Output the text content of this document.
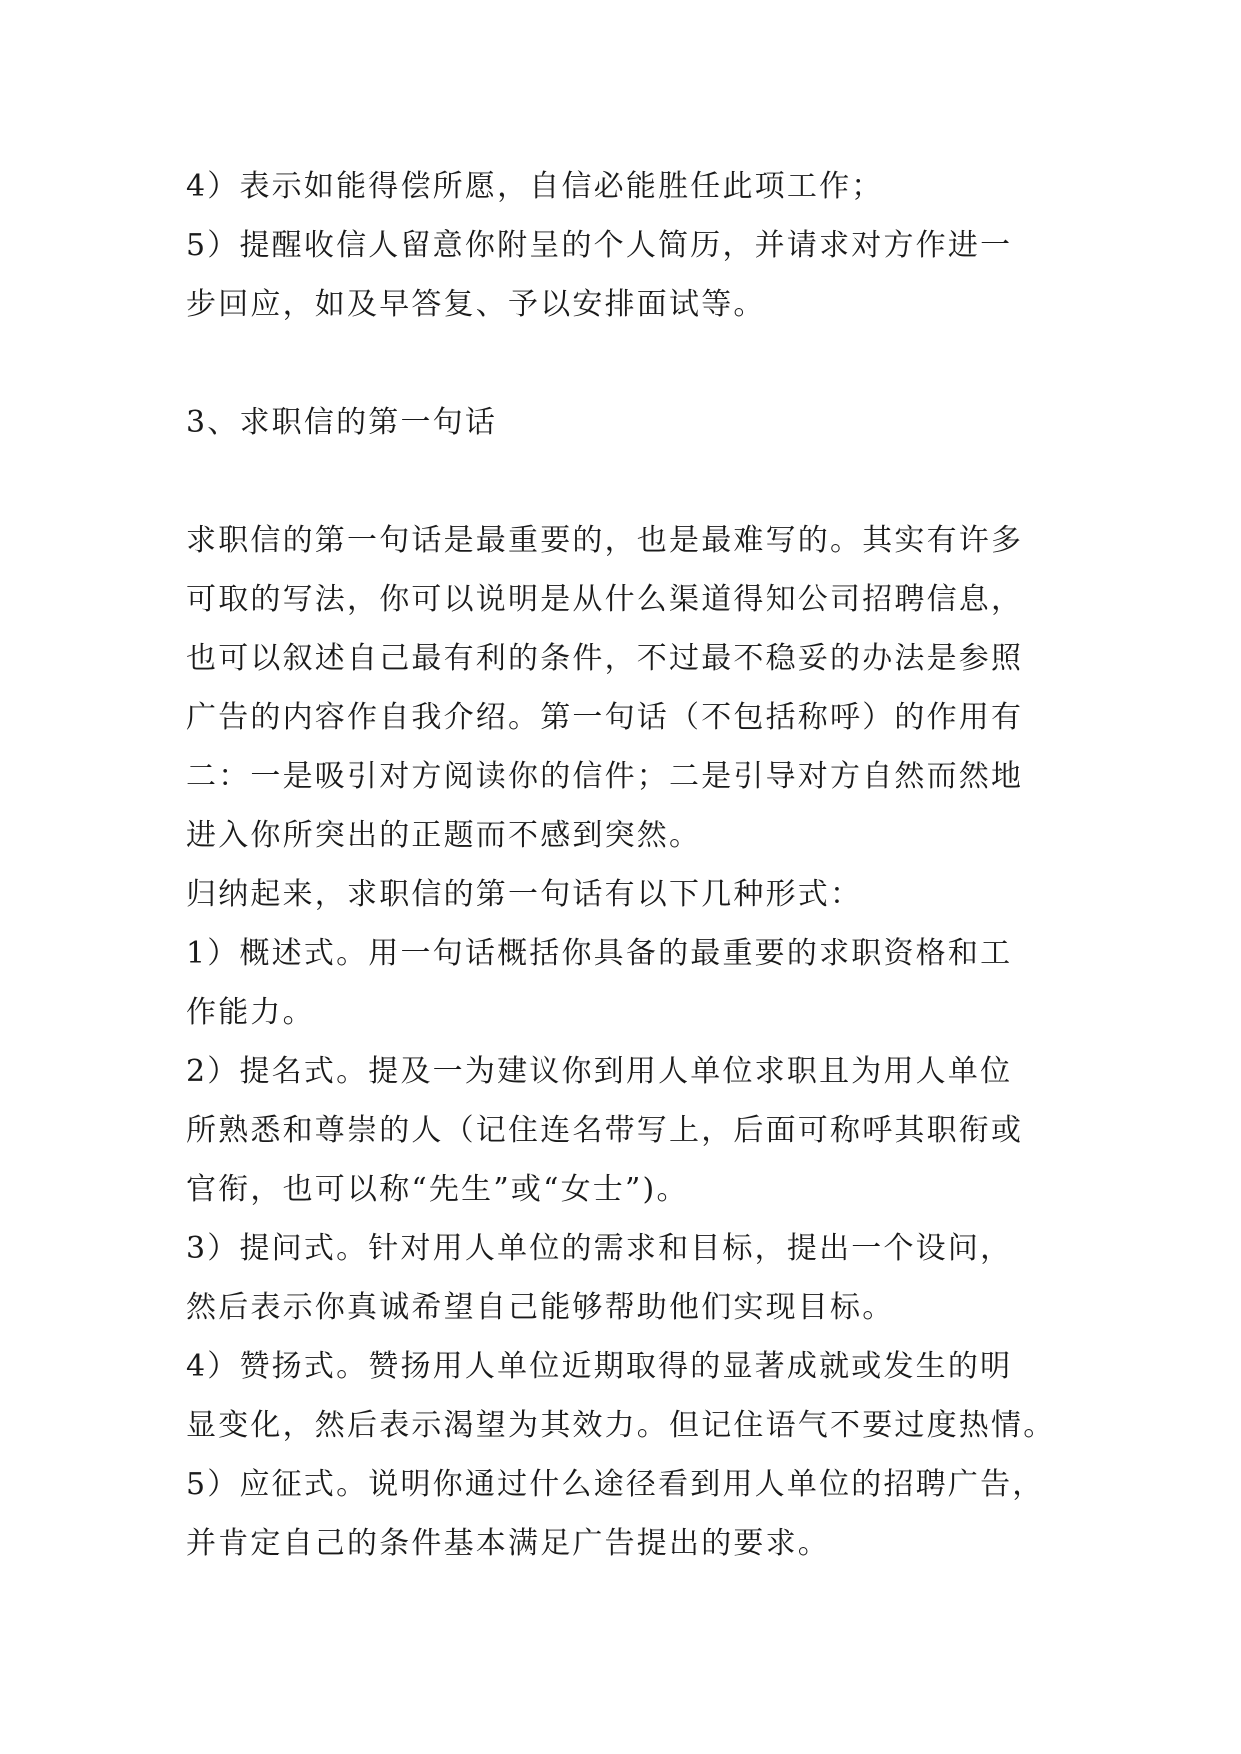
4）表示如能得偿所愿，自信必能胜任此项工作；
5）提醒收信人留意你附呈的个人简历，并请求对方作进一
步回应，如及早答复、予以安排面试等。
3、求职信的第一句话
求职信的第一句话是最重要的，也是最难写的。其实有许多
可取的写法，你可以说明是从什么渠道得知公司招聘信息，
也可以叙述自己最有利的条件，不过最不稳妥的办法是参照
广告的内容作自我介绍。第一句话（不包括称呼）的作用有
二：一是吸引对方阅读你的信件；二是引导对方自然而然地
进入你所突出的正题而不感到突然。
归纳起来，求职信的第一句话有以下几种形式：
1）概述式。用一句话概括你具备的最重要的求职资格和工
作能力。
2）提名式。提及一为建议你到用人单位求职且为用人单位
所熟悉和尊崇的人（记住连名带写上，后面可称呼其职衔或
官衔，也可以称“先生”或“女士”)。
3）提问式。针对用人单位的需求和目标，提出一个设问，
然后表示你真诚希望自己能够帮助他们实现目标。
4）赞扬式。赞扬用人单位近期取得的显著成就或发生的明
显变化，然后表示渴望为其效力。但记住语气不要过度热情。
5）应征式。说明你通过什么途径看到用人单位的招聘广告，
并肯定自己的条件基本满足广告提出的要求。
